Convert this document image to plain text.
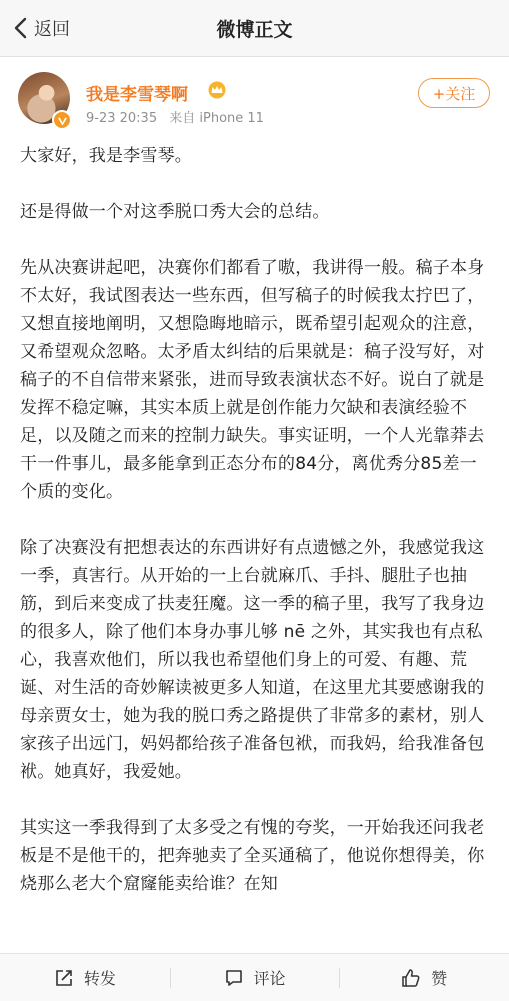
返回	微博正文
我是李雪琴啊
9-23 20:35 来自 iPhone 11
+关注

大家好，我是李雪琴。

还是得做一个对这季脱口秀大会的总结。

先从决赛讲起吧，决赛你们都看了嗷，我讲得一般。稿子本身不太好，我试图表达一些东西，但写稿子的时候我太拧巴了，又想直接地阐明，又想隐晦地暗示，既希望引起观众的注意，又希望观众忽略。太矛盾太纠结的后果就是：稿子没写好，对稿子的不自信带来紧张，进而导致表演状态不好。说白了就是发挥不稳定嘛，其实本质上就是创作能力欠缺和表演经验不足，以及随之而来的控制力缺失。事实证明，一个人光靠莽去干一件事儿，最多能拿到正态分布的84分，离优秀分85差一个质的变化。

除了决赛没有把想表达的东西讲好有点遗憾之外，我感觉我这一季，真害行。从开始的一上台就麻爪、手抖、腿肚子也抽筋，到后来变成了扶麦狂魔。这一季的稿子里，我写了我身边的很多人，除了他们本身办事儿够 nē 之外，其实我也有点私心，我喜欢他们，所以我也希望他们身上的可爱、有趣、荒诞、对生活的奇妙解读被更多人知道，在这里尤其要感谢我的母亲贾女士，她为我的脱口秀之路提供了非常多的素材，别人家孩子出远门，妈妈都给孩子准备包袱，而我妈，给我准备包袱。她真好，我爱她。

其实这一季我得到了太多受之有愧的夸奖，一开始我还问我老板是不是他干的，把奔驰卖了全买通稿了，他说你想得美，你烧那么老大个窟窿能卖给谁？在知

转发	评论	赞
